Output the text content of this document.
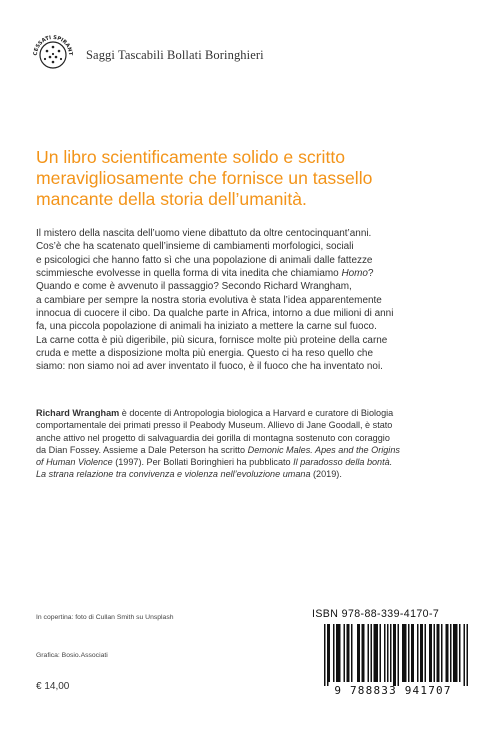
CESSATI SPIRANT Saggi Tascabili Bollati Boringhieri
Un libro scientificamente solido e scritto
meravigliosamente che fornisce un tassello
mancante della storia dell’umanità.
Il mistero della nascita dell’uomo viene dibattuto da oltre centocinquant’anni.
Cos’è che ha scatenato quell’insieme di cambiamenti morfologici, sociali
e psicologici che hanno fatto sì che una popolazione di animali dalle fattezze
scimmiesche evolvesse in quella forma di vita inedita che chiamiamo Homo?
Quando e come è avvenuto il passaggio? Secondo Richard Wrangham,
a cambiare per sempre la nostra storia evolutiva è stata l’idea apparentemente
innocua di cuocere il cibo. Da qualche parte in Africa, intorno a due milioni di anni
fa, una piccola popolazione di animali ha iniziato a mettere la carne sul fuoco.
La carne cotta è più digeribile, più sicura, fornisce molte più proteine della carne
cruda e mette a disposizione molta più energia. Questo ci ha reso quello che
siamo: non siamo noi ad aver inventato il fuoco, è il fuoco che ha inventato noi.
Richard Wrangham è docente di Antropologia biologica a Harvard e curatore di Biologia
comportamentale dei primati presso il Peabody Museum. Allievo di Jane Goodall, è stato
anche attivo nel progetto di salvaguardia dei gorilla di montagna sostenuto con coraggio
da Dian Fossey. Assieme a Dale Peterson ha scritto Demonic Males. Apes and the Origins
of Human Violence (1997). Per Bollati Boringhieri ha pubblicato Il paradosso della bontà.
La strana relazione tra convivenza e violenza nell’evoluzione umana (2019).
In copertina: foto di Cullan Smith su Unsplash
Grafica: Bosio.Associati
€ 14,00
ISBN 978-88-339-4170-7
9 788833 941707
